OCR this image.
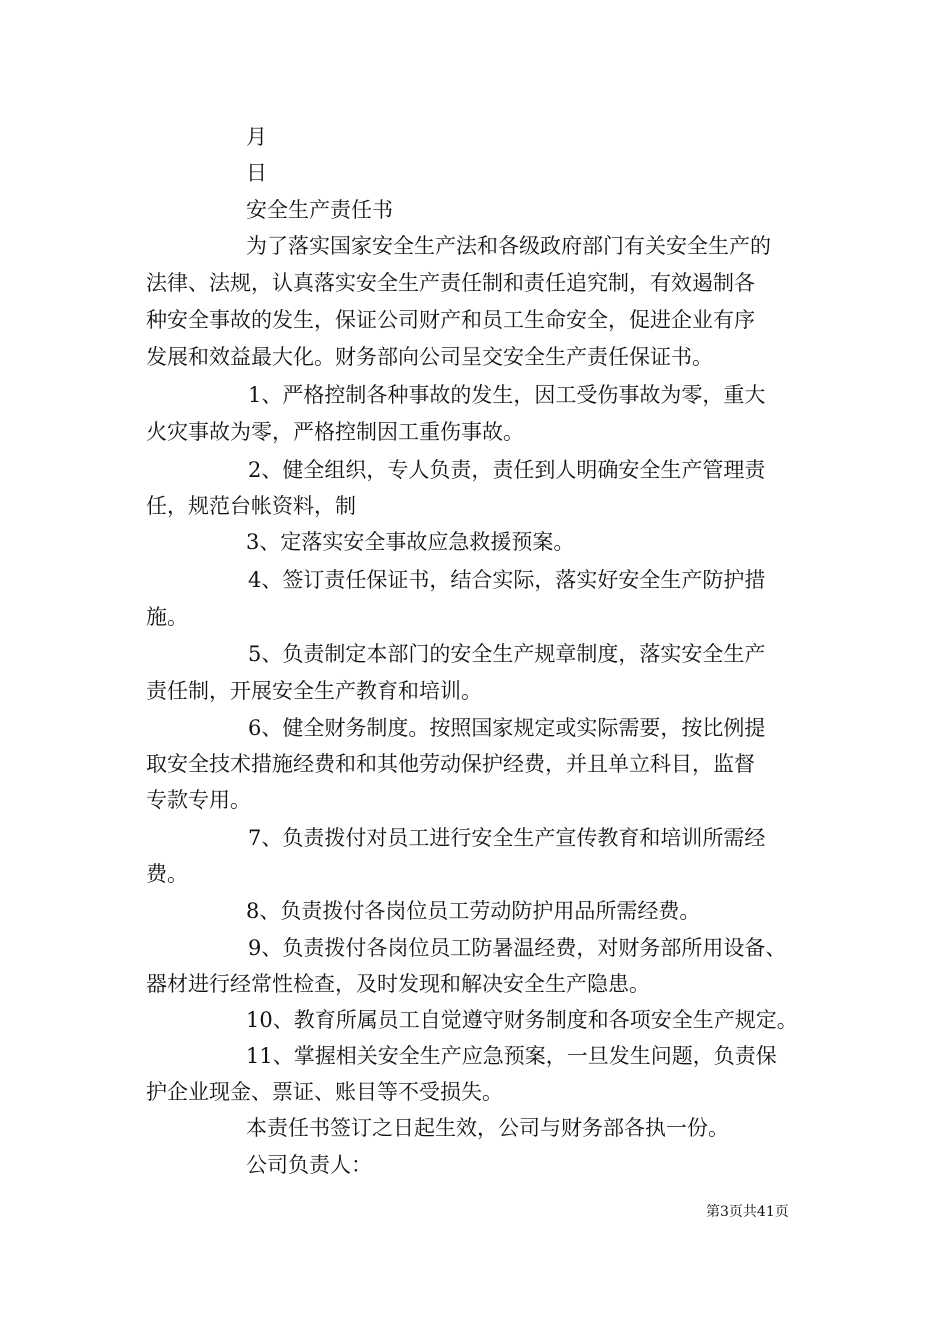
月

日

安全生产责任书

为了落实国家安全生产法和各级政府部门有关安全生产的

法律、法规，认真落实安全生产责任制和责任追究制，有效遏制各

种安全事故的发生，保证公司财产和员工生命安全，促进企业有序

发展和效益最大化。财务部向公司呈交安全生产责任保证书。

1、严格控制各种事故的发生，因工受伤事故为零，重大

火灾事故为零，严格控制因工重伤事故。

2、健全组织，专人负责，责任到人明确安全生产管理责

任，规范台帐资料，制

3、定落实安全事故应急救援预案。

4、签订责任保证书，结合实际，落实好安全生产防护措

施。

5、负责制定本部门的安全生产规章制度，落实安全生产

责任制，开展安全生产教育和培训。

6、健全财务制度。按照国家规定或实际需要，按比例提

取安全技术措施经费和和其他劳动保护经费，并且单立科目，监督

专款专用。

7、负责拨付对员工进行安全生产宣传教育和培训所需经

费。

8、负责拨付各岗位员工劳动防护用品所需经费。

9、负责拨付各岗位员工防暑温经费，对财务部所用设备、

器材进行经常性检查，及时发现和解决安全生产隐患。

10、教育所属员工自觉遵守财务制度和各项安全生产规定。

11、掌握相关安全生产应急预案，一旦发生问题，负责保

护企业现金、票证、账目等不受损失。

本责任书签订之日起生效，公司与财务部各执一份。

公司负责人：

第3页共41页
